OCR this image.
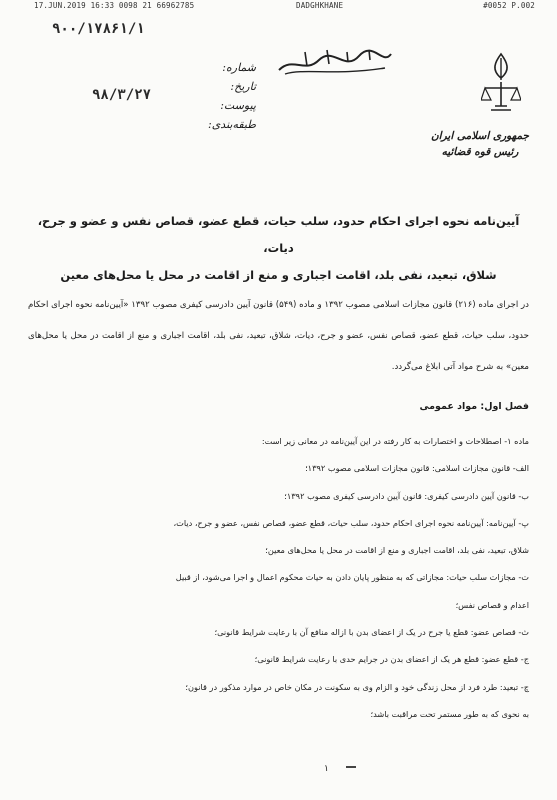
17.JUN.2019 16:33 0098 21 66962785	DADGHKHANE	#0052 P.002
۹۰۰/۱۷۸۶۱/۱
۹۸/۳/۲۷
شماره:
تاریخ:
پیوست:
طبقه‌بندی:
جمهوری اسلامی ایران
رئیس قوه قضائیه
آیین‌نامه نحوه اجرای احکام حدود، سلب حیات، قطع عضو، قصاص نفس و عضو و جرح، دیات،
شلاق، تبعید، نفی بلد، اقامت اجباری و منع از اقامت در محل یا محل‌های معین
در اجرای ماده (۲۱۶) قانون مجازات اسلامی مصوب ۱۳۹۲ و ماده (۵۴۹) قانون آیین دادرسی کیفری مصوب ۱۳۹۲ «آیین‌نامه نحوه اجرای احکام حدود، سلب حیات، قطع عضو، قصاص نفس، عضو و جرح، دیات، شلاق، تبعید، نفی بلد، اقامت اجباری و منع از اقامت در محل یا محل‌های معین» به شرح مواد آتی ابلاغ می‌گردد.
فصل اول: مواد عمومی

ماده ۱- اصطلاحات و اختصارات به کار رفته در این آیین‌نامه در معانی زیر است:

الف- قانون مجازات اسلامی: قانون مجازات اسلامی مصوب ۱۳۹۲؛

ب- قانون آیین دادرسی کیفری: قانون آیین دادرسی کیفری مصوب ۱۳۹۲؛

پ- آیین‌نامه: آیین‌نامه نحوه اجرای احکام حدود، سلب حیات، قطع عضو، قصاص نفس، عضو و جرح، دیات،

شلاق، تبعید، نفی بلد، اقامت اجباری و منع از اقامت در محل یا محل‌های معین؛

ت- مجازات سلب حیات: مجازاتی که به منظور پایان دادن به حیات محکوم اعمال و اجرا می‌شود، از قبیل

اعدام و قصاص نفس؛

ث- قصاص عضو: قطع یا جرح در یک از اعضای بدن با ازاله منافع آن با رعایت شرایط قانونی؛

ج- قطع عضو: قطع هر یک از اعضای بدن در جرایم حدی با رعایت شرایط قانونی؛

چ- تبعید: طرد فرد از محل زندگی خود و الزام وی به سکونت در مکان خاص در موارد مذکور در قانون؛

به نحوی که به طور مستمر تحت مراقبت باشد؛

۱
